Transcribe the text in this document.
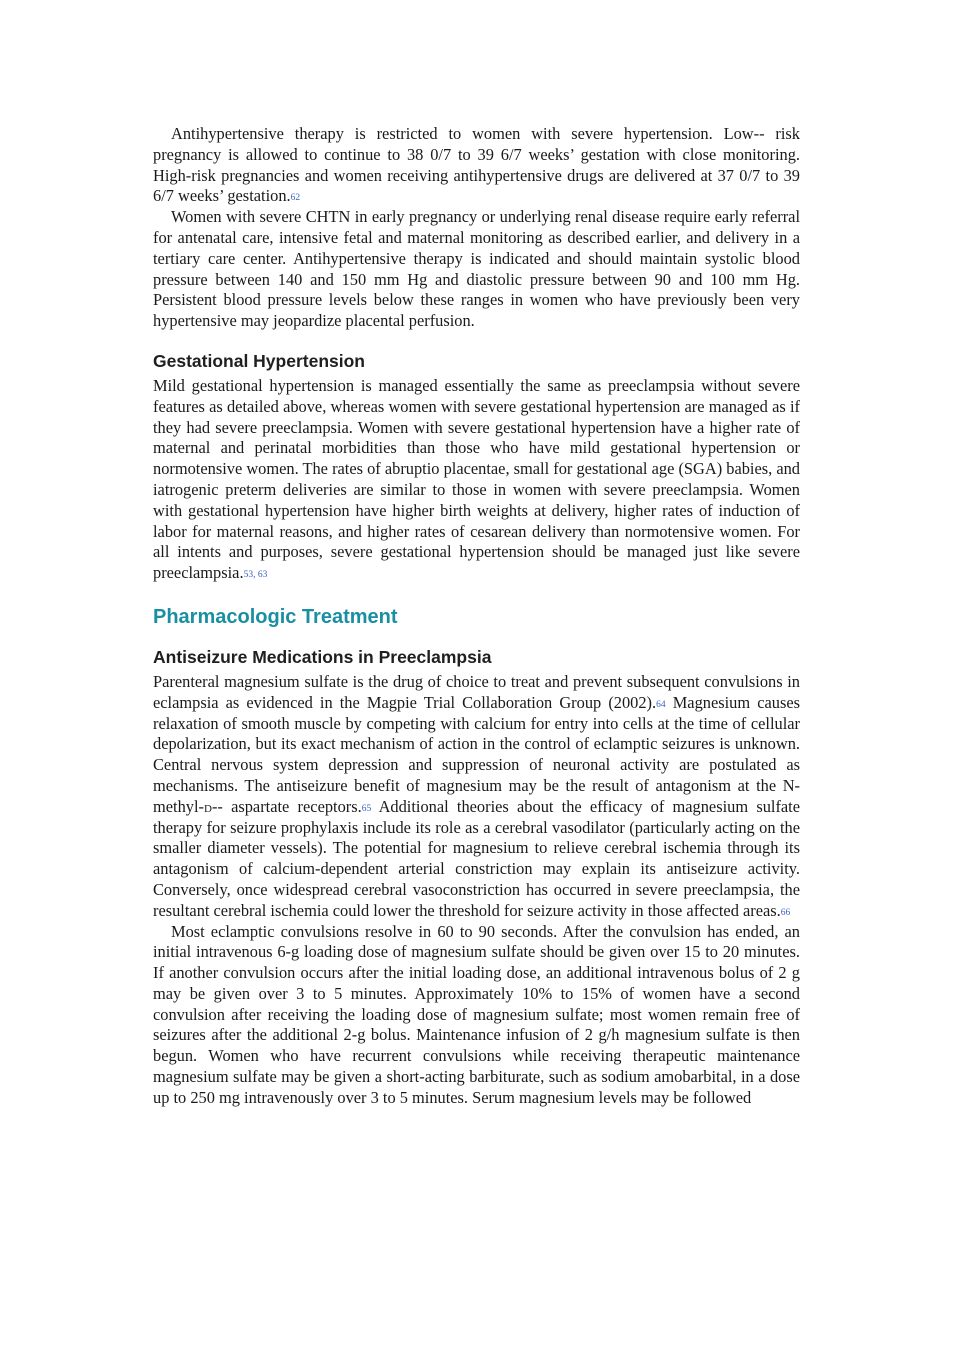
Antihypertensive therapy is restricted to women with severe hypertension. Low-- risk pregnancy is allowed to continue to 38 0/7 to 39 6/7 weeks’ gestation with close monitoring. High-risk pregnancies and women receiving antihypertensive drugs are delivered at 37 0/7 to 39 6/7 weeks’ gestation.62

Women with severe CHTN in early pregnancy or underlying renal disease require early referral for antenatal care, intensive fetal and maternal monitoring as described earlier, and delivery in a tertiary care center. Antihypertensive therapy is indicated and should maintain systolic blood pressure between 140 and 150 mm Hg and diastolic pressure between 90 and 100 mm Hg. Persistent blood pressure levels below these ranges in women who have previously been very hypertensive may jeopardize placental perfusion.

Gestational Hypertension

Mild gestational hypertension is managed essentially the same as preeclampsia without severe features as detailed above, whereas women with severe gestational hypertension are managed as if they had severe preeclampsia. Women with severe gestational hypertension have a higher rate of maternal and perinatal morbidities than those who have mild gestational hypertension or normotensive women. The rates of abruptio placentae, small for gestational age (SGA) babies, and iatrogenic preterm deliveries are similar to those in women with severe preeclampsia. Women with gestational hypertension have higher birth weights at delivery, higher rates of induction of labor for maternal reasons, and higher rates of cesarean delivery than normotensive women. For all intents and purposes, severe gestational hypertension should be managed just like severe preeclampsia.53, 63

Pharmacologic Treatment
Antiseizure Medications in Preeclampsia

Parenteral magnesium sulfate is the drug of choice to treat and prevent subsequent convulsions in eclampsia as evidenced in the Magpie Trial Collaboration Group (2002).64 Magnesium causes relaxation of smooth muscle by competing with calcium for entry into cells at the time of cellular depolarization, but its exact mechanism of action in the control of eclamptic seizures is unknown. Central nervous system depression and suppression of neuronal activity are postulated as mechanisms. The antiseizure benefit of magnesium may be the result of antagonism at the N-methyl-d-- aspartate receptors.65 Additional theories about the efficacy of magnesium sulfate therapy for seizure prophylaxis include its role as a cerebral vasodilator (particularly acting on the smaller diameter vessels). The potential for magnesium to relieve cerebral ischemia through its antagonism of calcium-dependent arterial constriction may explain its antiseizure activity. Conversely, once widespread cerebral vasoconstriction has occurred in severe preeclampsia, the resultant cerebral ischemia could lower the threshold for seizure activity in those affected areas.66

Most eclamptic convulsions resolve in 60 to 90 seconds. After the convulsion has ended, an initial intravenous 6-g loading dose of magnesium sulfate should be given over 15 to 20 minutes. If another convulsion occurs after the initial loading dose, an additional intravenous bolus of 2 g may be given over 3 to 5 minutes. Approximately 10% to 15% of women have a second convulsion after receiving the loading dose of magnesium sulfate; most women remain free of seizures after the additional 2-g bolus. Maintenance infusion of 2 g/h magnesium sulfate is then begun. Women who have recurrent convulsions while receiving therapeutic maintenance magnesium sulfate may be given a short-acting barbiturate, such as sodium amobarbital, in a dose up to 250 mg intravenously over 3 to 5 minutes. Serum magnesium levels may be followed
